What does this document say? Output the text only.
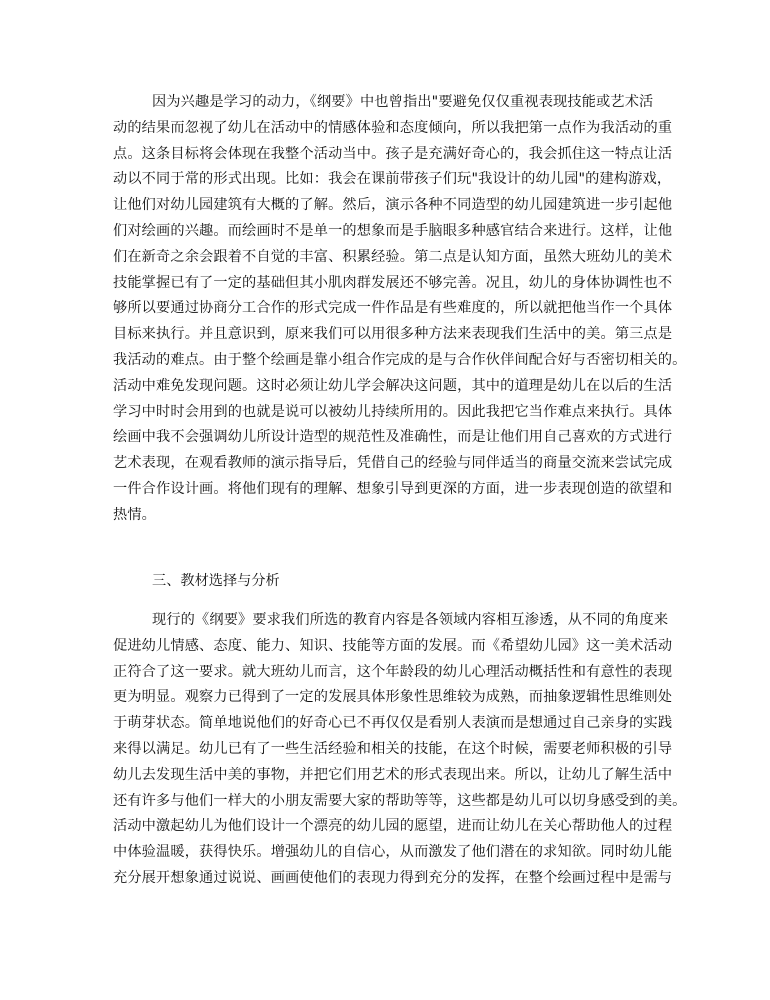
因为兴趣是学习的动力，《纲要》中也曾指出"要避免仅仅重视表现技能或艺术活
动的结果而忽视了幼儿在活动中的情感体验和态度倾向，所以我把第一点作为我活动的重
点。这条目标将会体现在我整个活动当中。孩子是充满好奇心的，我会抓住这一特点让活
动以不同于常的形式出现。比如：我会在课前带孩子们玩"我设计的幼儿园"的建构游戏，
让他们对幼儿园建筑有大概的了解。然后，演示各种不同造型的幼儿园建筑进一步引起他
们对绘画的兴趣。而绘画时不是单一的想象而是手脑眼多种感官结合来进行。这样，让他
们在新奇之余会跟着不自觉的丰富、积累经验。第二点是认知方面，虽然大班幼儿的美术
技能掌握已有了一定的基础但其小肌肉群发展还不够完善。况且，幼儿的身体协调性也不
够所以要通过协商分工合作的形式完成一件作品是有些难度的，所以就把他当作一个具体
目标来执行。并且意识到，原来我们可以用很多种方法来表现我们生活中的美。第三点是
我活动的难点。由于整个绘画是靠小组合作完成的是与合作伙伴间配合好与否密切相关的。
活动中难免发现问题。这时必须让幼儿学会解决这问题，其中的道理是幼儿在以后的生活
学习中时时会用到的也就是说可以被幼儿持续所用的。因此我把它当作难点来执行。具体
绘画中我不会强调幼儿所设计造型的规范性及准确性，而是让他们用自己喜欢的方式进行
艺术表现，在观看教师的演示指导后，凭借自己的经验与同伴适当的商量交流来尝试完成
一件合作设计画。将他们现有的理解、想象引导到更深的方面，进一步表现创造的欲望和
热情。
三、教材选择与分析
现行的《纲要》要求我们所选的教育内容是各领域内容相互渗透，从不同的角度来
促进幼儿情感、态度、能力、知识、技能等方面的发展。而《希望幼儿园》这一美术活动
正符合了这一要求。就大班幼儿而言，这个年龄段的幼儿心理活动概括性和有意性的表现
更为明显。观察力已得到了一定的发展具体形象性思维较为成熟，而抽象逻辑性思维则处
于萌芽状态。简单地说他们的好奇心已不再仅仅是看别人表演而是想通过自己亲身的实践
来得以满足。幼儿已有了一些生活经验和相关的技能，在这个时候，需要老师积极的引导
幼儿去发现生活中美的事物，并把它们用艺术的形式表现出来。所以，让幼儿了解生活中
还有许多与他们一样大的小朋友需要大家的帮助等等，这些都是幼儿可以切身感受到的美。
活动中激起幼儿为他们设计一个漂亮的幼儿园的愿望，进而让幼儿在关心帮助他人的过程
中体验温暖，获得快乐。增强幼儿的自信心，从而激发了他们潜在的求知欲。同时幼儿能
充分展开想象通过说说、画画使他们的表现力得到充分的发挥，在整个绘画过程中是需与
